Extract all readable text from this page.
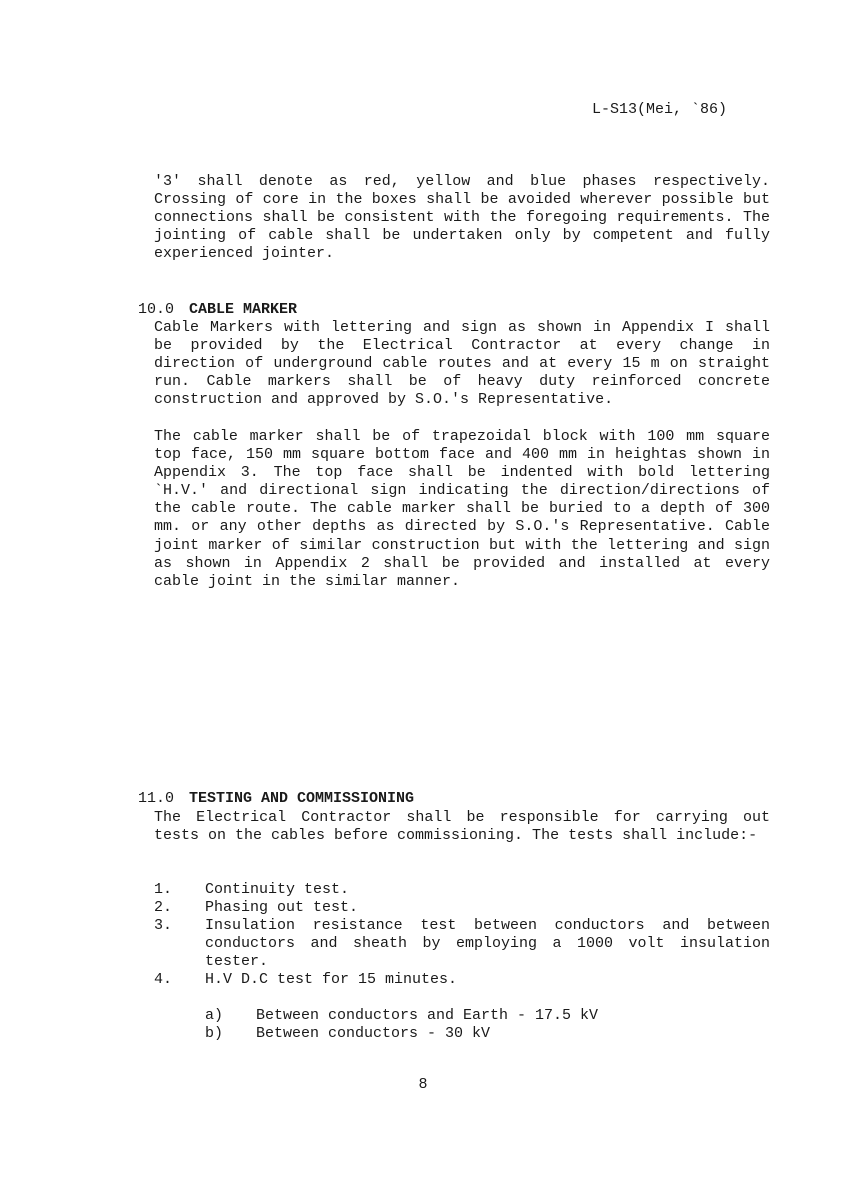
L-S13(Mei, `86)

'3' shall denote as red, yellow and blue phases respectively. Crossing of core in the boxes shall be avoided wherever possible but connections shall be consistent with the foregoing requirements. The jointing of cable shall be undertaken only by competent and fully experienced jointer.

10.0 CABLE MARKER

Cable Markers with lettering and sign as shown in Appendix I shall be provided by the Electrical Contractor at every change in direction of underground cable routes and at every 15 m on straight run. Cable markers shall be of heavy duty reinforced concrete construction and approved by S.O.'s Representative.

The cable marker shall be of trapezoidal block with 100 mm square top face, 150 mm square bottom face and 400 mm in heightas shown in Appendix 3. The top face shall be indented with bold lettering `H.V.' and directional sign indicating the direction/directions of the cable route. The cable marker shall be buried to a depth of 300 mm. or any other depths as directed by S.O.'s Representative. Cable joint marker of similar construction but with the lettering and sign as shown in Appendix 2 shall be provided and installed at every cable joint in the similar manner.

11.0 TESTING AND COMMISSIONING

The Electrical Contractor shall be responsible for carrying out tests on the cables before commissioning. The tests shall include:-

1. Continuity test.
2. Phasing out test.
3. Insulation resistance test between conductors and between conductors and sheath by employing a 1000 volt insulation tester.
4. H.V D.C test for 15 minutes.
a) Between conductors and Earth - 17.5 kV
b) Between conductors - 30 kV
8
